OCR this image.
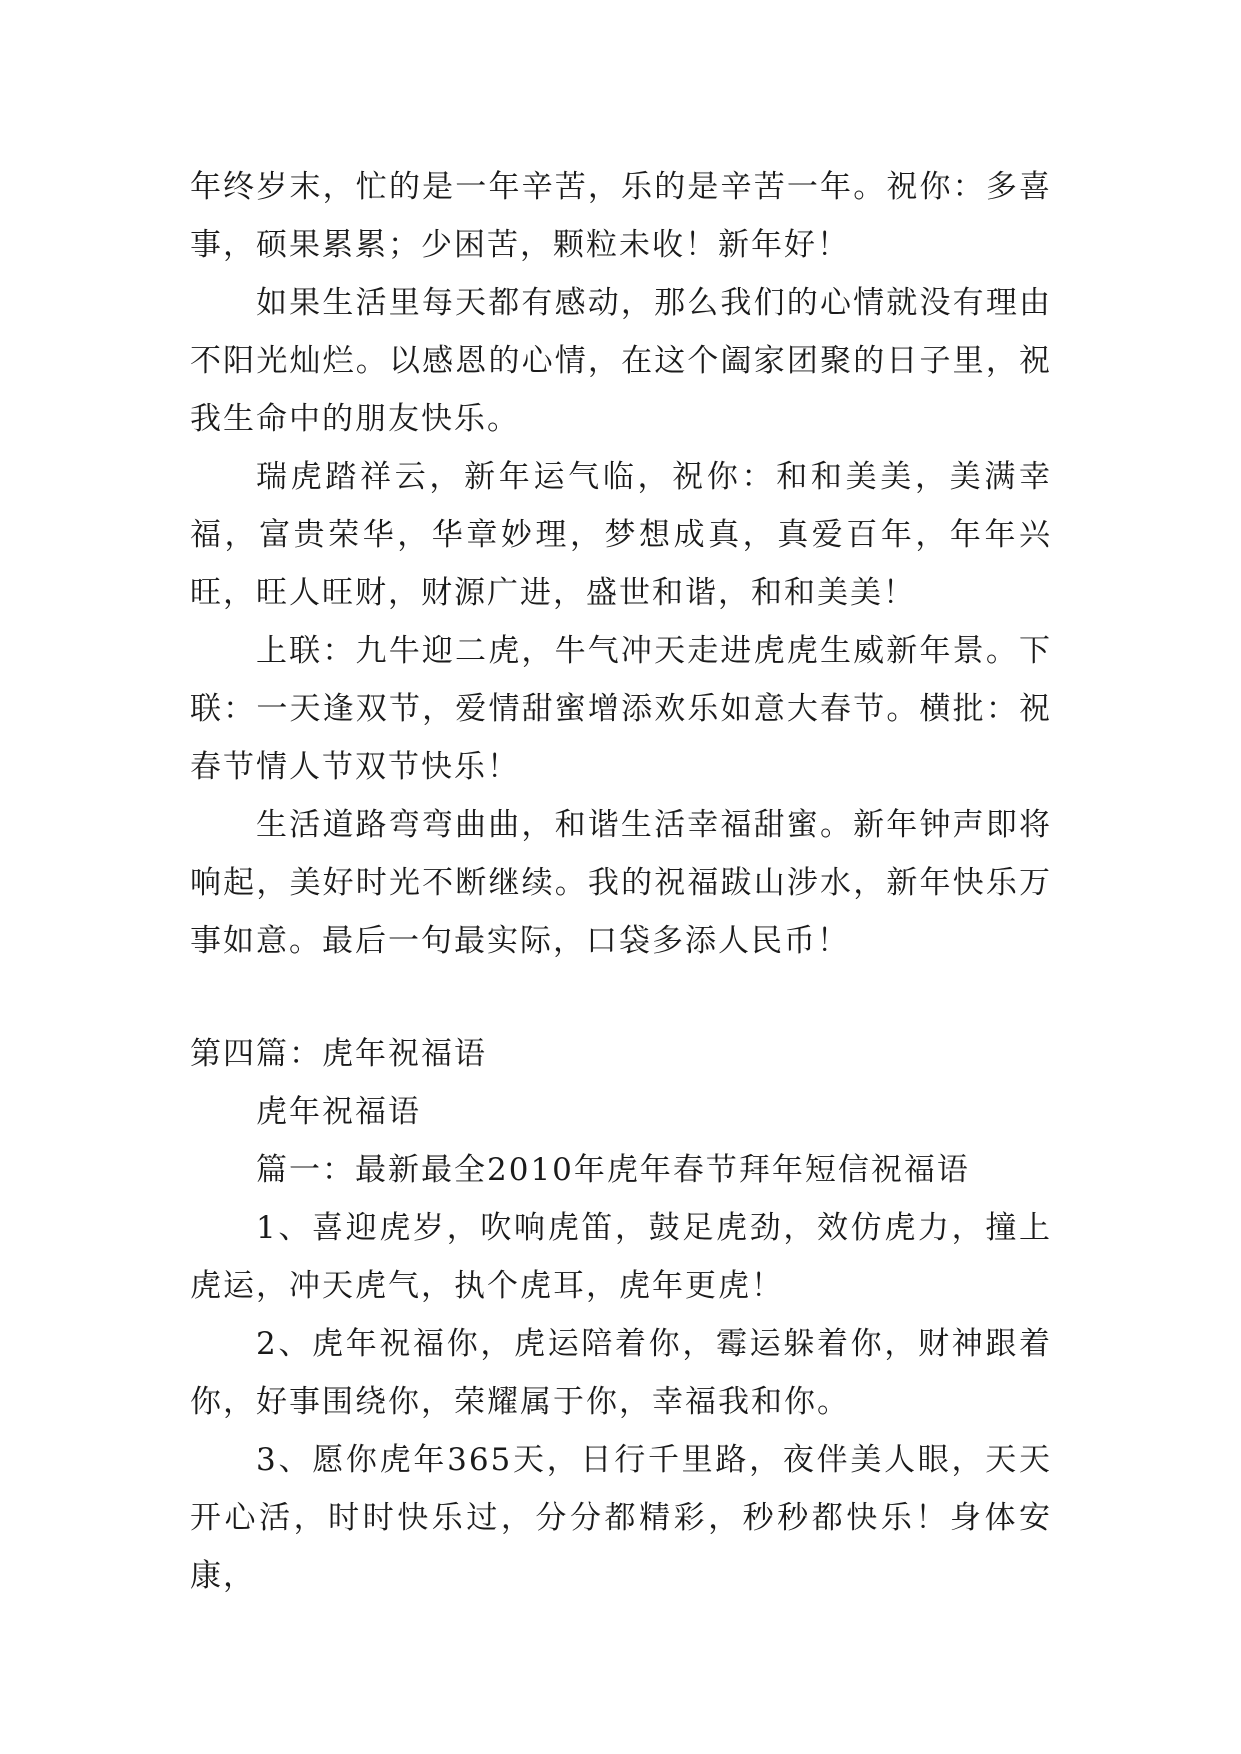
年终岁末，忙的是一年辛苦，乐的是辛苦一年。祝你：多喜事，硕果累累；少困苦，颗粒未收！新年好！

如果生活里每天都有感动，那么我们的心情就没有理由不阳光灿烂。以感恩的心情，在这个阖家团聚的日子里，祝我生命中的朋友快乐。

瑞虎踏祥云，新年运气临，祝你：和和美美，美满幸福，富贵荣华，华章妙理，梦想成真，真爱百年，年年兴旺，旺人旺财，财源广进，盛世和谐，和和美美！

上联：九牛迎二虎，牛气冲天走进虎虎生威新年景。下联：一天逢双节，爱情甜蜜增添欢乐如意大春节。横批：祝春节情人节双节快乐！

生活道路弯弯曲曲，和谐生活幸福甜蜜。新年钟声即将响起，美好时光不断继续。我的祝福跋山涉水，新年快乐万事如意。最后一句最实际，口袋多添人民币！

第四篇：虎年祝福语

虎年祝福语

篇一：最新最全2010年虎年春节拜年短信祝福语

1、喜迎虎岁，吹响虎笛，鼓足虎劲，效仿虎力，撞上虎运，冲天虎气，执个虎耳，虎年更虎！

2、虎年祝福你，虎运陪着你，霉运躲着你，财神跟着你，好事围绕你，荣耀属于你，幸福我和你。

3、愿你虎年365天，日行千里路，夜伴美人眼，天天开心活，时时快乐过，分分都精彩，秒秒都快乐！身体安康，
